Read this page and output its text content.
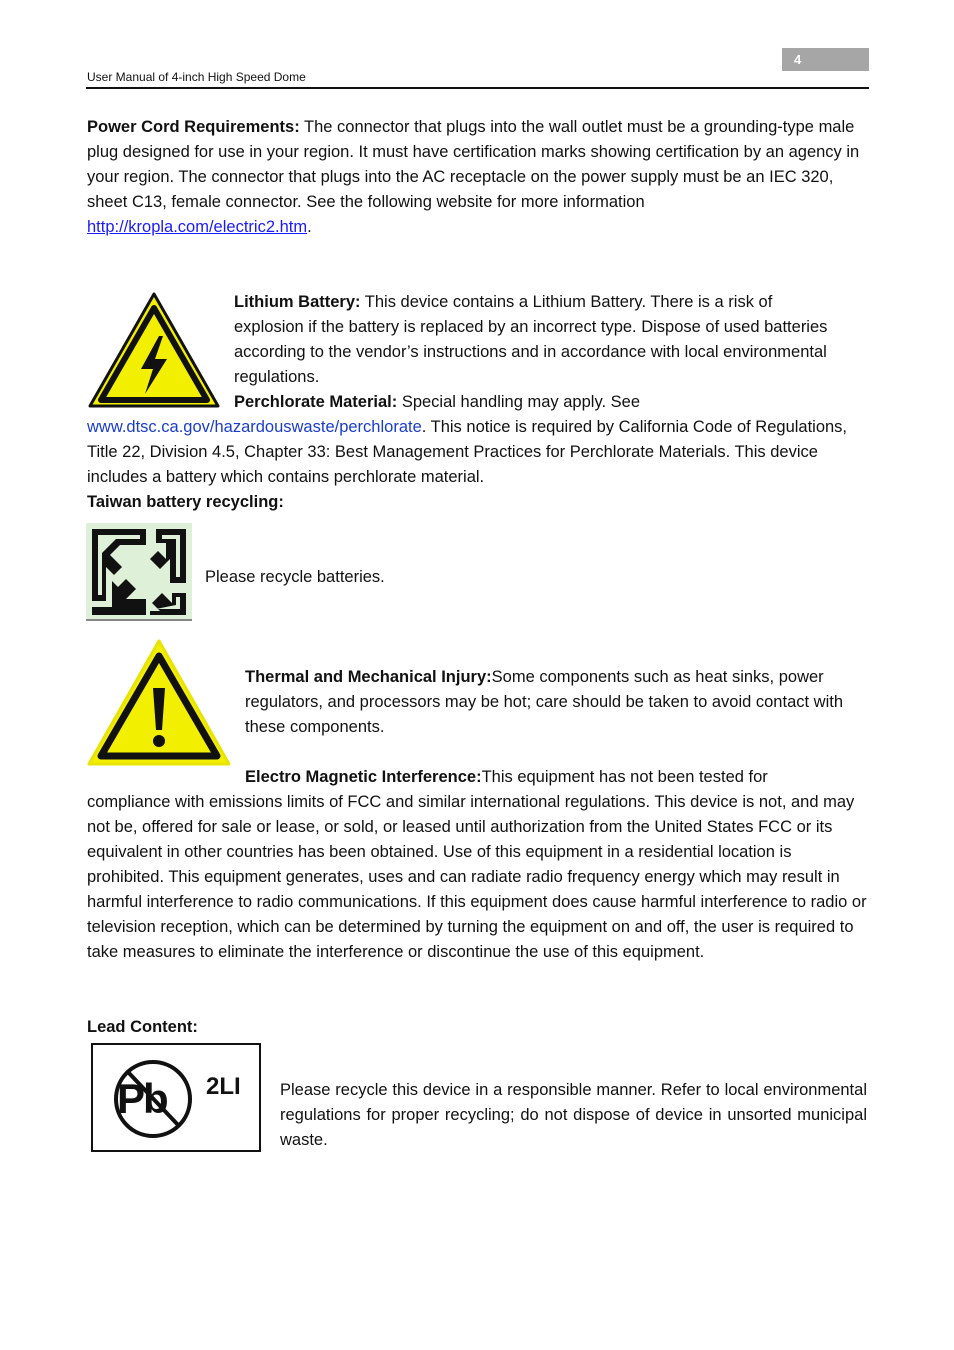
4
User Manual of 4-inch High Speed Dome

Power Cord Requirements: The connector that plugs into the wall outlet must be a grounding-type male plug designed for use in your region. It must have certification marks showing certification by an agency in your region. The connector that plugs into the AC receptacle on the power supply must be an IEC 320, sheet C13, female connector. See the following website for more information http://kropla.com/electric2.htm.

Lithium Battery: This device contains a Lithium Battery. There is a risk of explosion if the battery is replaced by an incorrect type. Dispose of used batteries according to the vendor’s instructions and in accordance with local environmental regulations.

Perchlorate Material: Special handling may apply. See

www.dtsc.ca.gov/hazardouswaste/perchlorate. This notice is required by California Code of Regulations, Title 22, Division 4.5, Chapter 33: Best Management Practices for Perchlorate Materials. This device includes a battery which contains perchlorate material.

Taiwan battery recycling:

Please recycle batteries.

Thermal and Mechanical Injury:Some components such as heat sinks, power regulators, and processors may be hot; care should be taken to avoid contact with these components.

Electro Magnetic Interference:This equipment has not been tested for

compliance with emissions limits of FCC and similar international regulations. This device is not, and may not be, offered for sale or lease, or sold, or leased until authorization from the United States FCC or its equivalent in other countries has been obtained. Use of this equipment in a residential location is prohibited. This equipment generates, uses and can radiate radio frequency energy which may result in harmful interference to radio communications. If this equipment does cause harmful interference to radio or television reception, which can be determined by turning the equipment on and off, the user is required to take measures to eliminate the interference or discontinue the use of this equipment.

Lead Content:

Pb 2LI Please recycle this device in a responsible manner. Refer to local environmental regulations for proper recycling; do not dispose of device in unsorted municipal waste.
